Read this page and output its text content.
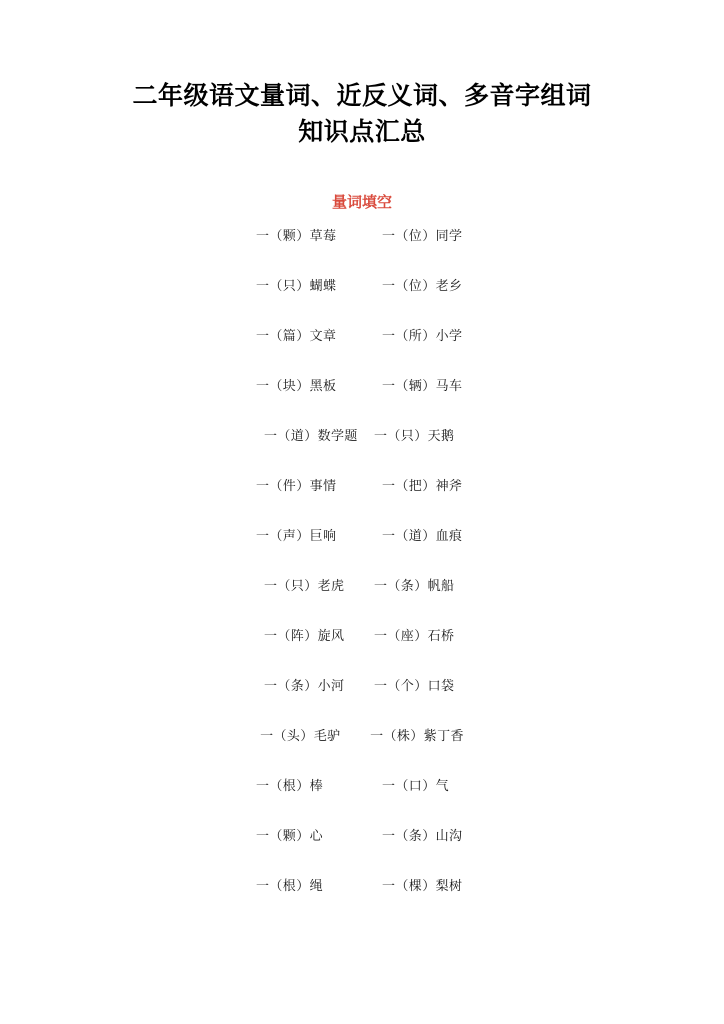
二年级语文量词、近反义词、多音字组词
知识点汇总
量词填空
一（颗）草莓	一（位）同学
一（只）蝴蝶	一（位）老乡
一（篇）文章	一（所）小学
一（块）黑板	一（辆）马车
一（道）数学题 一（只）天鹅
一（件）事情	一（把）神斧
一（声）巨响	一（道）血痕
一（只）老虎	一（条）帆船
一（阵）旋风	一（座）石桥
一（条）小河	一（个）口袋
一（头）毛驴	一（株）紫丁香
一（根）棒	一（口）气
一（颗）心	一（条）山沟
一（根）绳	一（棵）梨树
